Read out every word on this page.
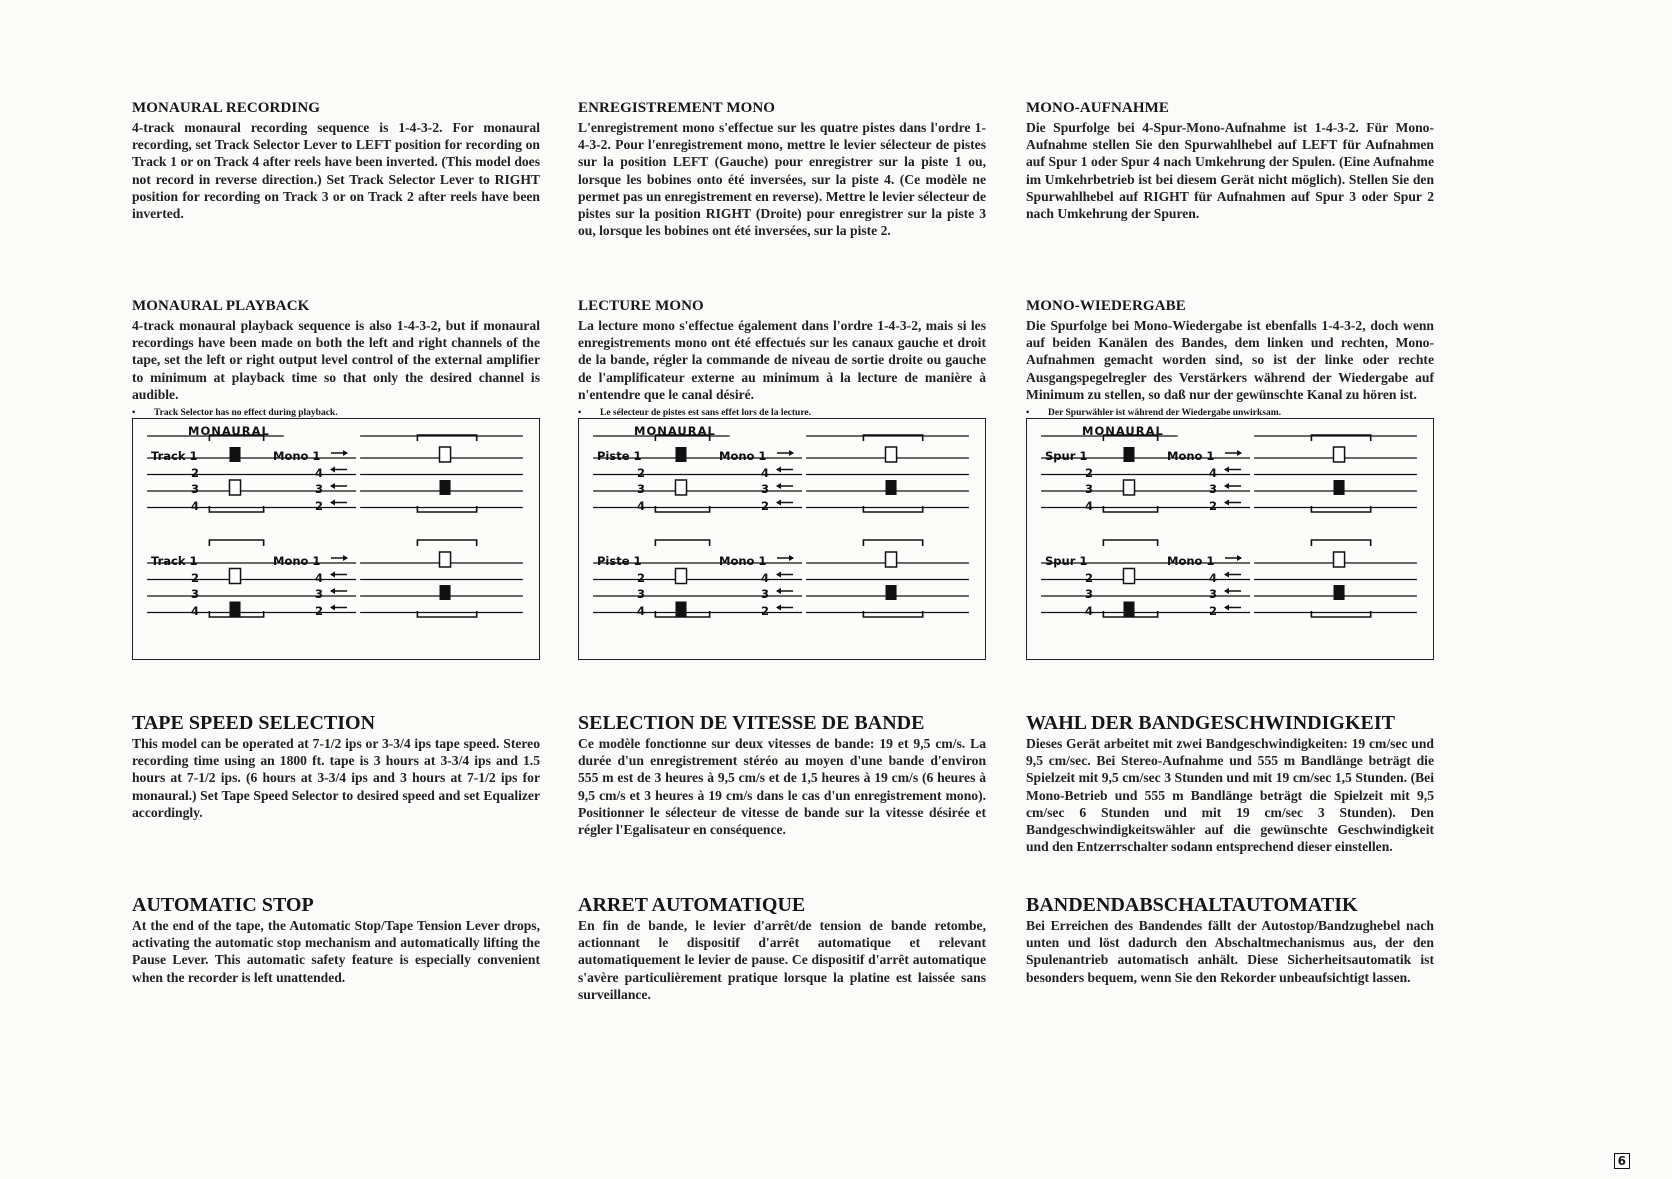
MONAURAL RECORDING

4-track monaural recording sequence is 1-4-3-2. For monaural recording, set Track Selector Lever to LEFT position for recording on Track 1 or on Track 4 after reels have been inverted. (This model does not record in reverse direction.) Set Track Selector Lever to RIGHT position for recording on Track 3 or on Track 2 after reels have been inverted.

MONAURAL PLAYBACK

4-track monaural playback sequence is also 1-4-3-2, but if monaural recordings have been made on both the left and right channels of the tape, set the left or right output level control of the external amplifier to minimum at playback time so that only the desired channel is audible.

• Track Selector has no effect during playback.

MONAURAL
Track 1
2
3
4
Mono 1
4
3
2
Track 1
2
3
4
Mono 1
4
3
2
TAPE SPEED SELECTION

This model can be operated at 7-1/2 ips or 3-3/4 ips tape speed. Stereo recording time using an 1800 ft. tape is 3 hours at 3-3/4 ips and 1.5 hours at 7-1/2 ips. (6 hours at 3-3/4 ips and 3 hours at 7-1/2 ips for monaural.) Set Tape Speed Selector to desired speed and set Equalizer accordingly.

AUTOMATIC STOP

At the end of the tape, the Automatic Stop/Tape Tension Lever drops, activating the automatic stop mechanism and automatically lifting the Pause Lever. This automatic safety feature is especially convenient when the recorder is left unattended.

ENREGISTREMENT MONO

L'enregistrement mono s'effectue sur les quatre pistes dans l'ordre 1-4-3-2. Pour l'enregistrement mono, mettre le levier sélecteur de pistes sur la position LEFT (Gauche) pour enregistrer sur la piste 1 ou, lorsque les bobines onto été inversées, sur la piste 4. (Ce modèle ne permet pas un enregistrement en reverse). Mettre le levier sélecteur de pistes sur la position RIGHT (Droite) pour enregistrer sur la piste 3 ou, lorsque les bobines ont été inversées, sur la piste 2.

LECTURE MONO

La lecture mono s'effectue également dans l'ordre 1-4-3-2, mais si les enregistrements mono ont été effectués sur les canaux gauche et droit de la bande, régler la commande de niveau de sortie droite ou gauche de l'amplificateur externe au minimum à la lecture de manière à n'entendre que le canal désiré.

• Le sélecteur de pistes est sans effet lors de la lecture.

MONAURAL
Piste 1
2
3
4
Mono 1
4
3
2
Piste 1
2
3
4
Mono 1
4
3
2
SELECTION DE VITESSE DE BANDE

Ce modèle fonctionne sur deux vitesses de bande: 19 et 9,5 cm/s. La durée d'un enregistrement stéréo au moyen d'une bande d'environ 555 m est de 3 heures à 9,5 cm/s et de 1,5 heures à 19 cm/s (6 heures à 9,5 cm/s et 3 heures à 19 cm/s dans le cas d'un enregistrement mono). Positionner le sélecteur de vitesse de bande sur la vitesse désirée et régler l'Egalisateur en conséquence.

ARRET AUTOMATIQUE

En fin de bande, le levier d'arrêt/de tension de bande retombe, actionnant le dispositif d'arrêt automatique et relevant automatiquement le levier de pause. Ce dispositif d'arrêt automatique s'avère particulièrement pratique lorsque la platine est laissée sans surveillance.

MONO-AUFNAHME

Die Spurfolge bei 4-Spur-Mono-Aufnahme ist 1-4-3-2. Für Mono-Aufnahme stellen Sie den Spurwahlhebel auf LEFT für Aufnahmen auf Spur 1 oder Spur 4 nach Umkehrung der Spulen. (Eine Aufnahme im Umkehrbetrieb ist bei diesem Gerät nicht möglich). Stellen Sie den Spurwahlhebel auf RIGHT für Aufnahmen auf Spur 3 oder Spur 2 nach Umkehrung der Spuren.

MONO-WIEDERGABE

Die Spurfolge bei Mono-Wiedergabe ist ebenfalls 1-4-3-2, doch wenn auf beiden Kanälen des Bandes, dem linken und rechten, Mono-Aufnahmen gemacht worden sind, so ist der linke oder rechte Ausgangspegelregler des Verstärkers während der Wiedergabe auf Minimum zu stellen, so daß nur der gewünschte Kanal zu hören ist.

• Der Spurwähler ist während der Wiedergabe unwirksam.

MONAURAL
Spur 1
2
3
4
Mono 1
4
3
2
Spur 1
2
3
4
Mono 1
4
3
2
WAHL DER BANDGESCHWINDIGKEIT

Dieses Gerät arbeitet mit zwei Bandgeschwindigkeiten: 19 cm/sec und 9,5 cm/sec. Bei Stereo-Aufnahme und 555 m Bandlänge beträgt die Spielzeit mit 9,5 cm/sec 3 Stunden und mit 19 cm/sec 1,5 Stunden. (Bei Mono-Betrieb und 555 m Bandlänge beträgt die Spielzeit mit 9,5 cm/sec 6 Stunden und mit 19 cm/sec 3 Stunden). Den Bandgeschwindigkeitswähler auf die gewünschte Geschwindigkeit und den Entzerrschalter sodann entsprechend dieser einstellen.

BANDENDABSCHALTAUTOMATIK

Bei Erreichen des Bandendes fällt der Autostop/Bandzughebel nach unten und löst dadurch den Abschaltmechanismus aus, der den Spulenantrieb automatisch anhält. Diese Sicherheitsautomatik ist besonders bequem, wenn Sie den Rekorder unbeaufsichtigt lassen.

6
